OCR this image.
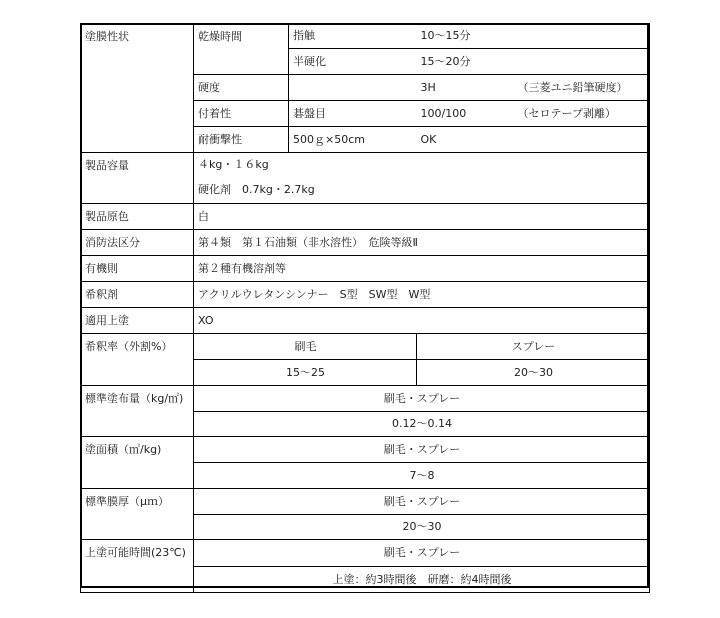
塗膜性状	乾燥時間	指触	10～15分	
		半硬化	15～20分	
	硬度		3H	（三菱ユニ鉛筆硬度）
	付着性	碁盤目	100/100	（セロテープ剥離）
	耐衝撃性	500ｇ×50cm	OK	
製品容量	４kg・１６kg			
	硬化剤　0.7kg・2.7kg			
製品原色	白			
消防法区分	第４類　第１石油類（非水溶性）　危険等級Ⅱ			
有機則	第２種有機溶剤等			
希釈剤	アクリルウレタンシンナー　S型　SW型　W型			
適用上塗	XO			
希釈率（外割%）	刷毛		スプレー	
	15～25		20～30	
標準塗布量（kg/㎡)	刷毛・スプレー			
	0.12～0.14			
塗面積（㎡/kg)	刷毛・スプレー			
	7～8			
標準膜厚（μｍ）	刷毛・スプレー			
	20～30			
上塗可能時間(23℃)	刷毛・スプレー			
	上塗：約3時間後　研磨：約4時間後			
